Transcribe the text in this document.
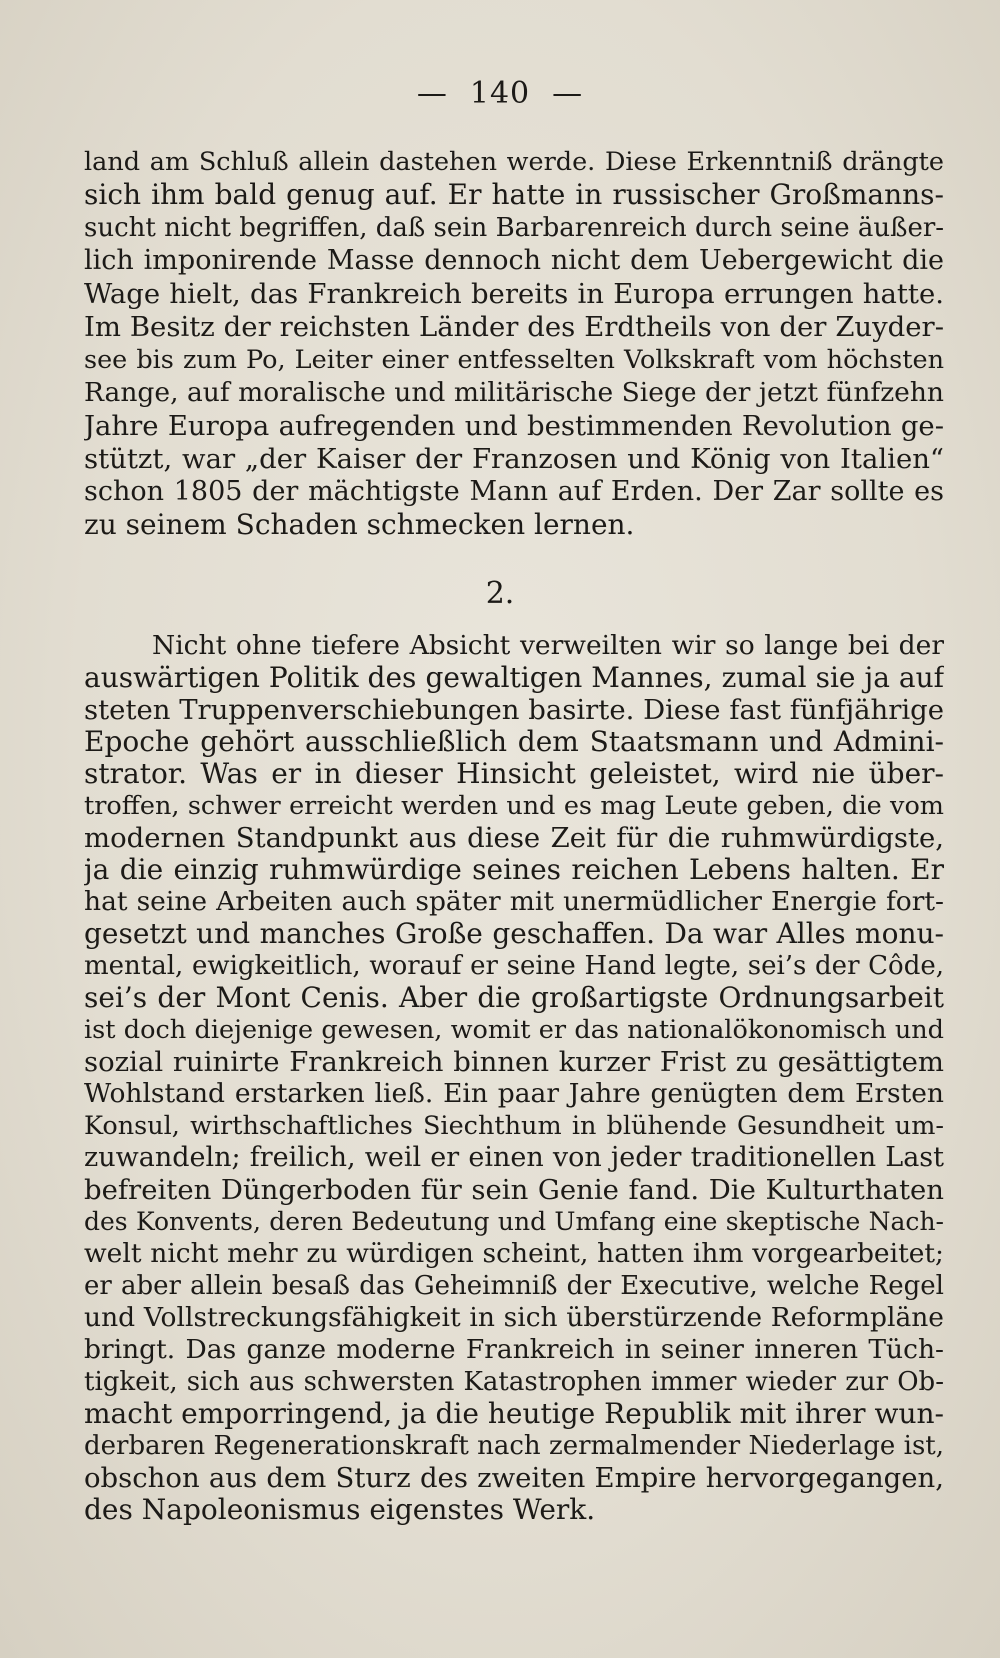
— 140 —
land am Schluß allein dastehen werde. Diese Erkenntniß drängte
sich ihm bald genug auf. Er hatte in russischer Großmanns-
sucht nicht begriffen, daß sein Barbarenreich durch seine äußer-
lich imponirende Masse dennoch nicht dem Uebergewicht die
Wage hielt, das Frankreich bereits in Europa errungen hatte.
Im Besitz der reichsten Länder des Erdtheils von der Zuyder-
see bis zum Po, Leiter einer entfesselten Volkskraft vom höchsten
Range, auf moralische und militärische Siege der jetzt fünfzehn
Jahre Europa aufregenden und bestimmenden Revolution ge-
stützt, war „der Kaiser der Franzosen und König von Italien“
schon 1805 der mächtigste Mann auf Erden. Der Zar sollte es
zu seinem Schaden schmecken lernen.
2.
Nicht ohne tiefere Absicht verweilten wir so lange bei der
auswärtigen Politik des gewaltigen Mannes, zumal sie ja auf
steten Truppenverschiebungen basirte. Diese fast fünfjährige
Epoche gehört ausschließlich dem Staatsmann und Admini-
strator. Was er in dieser Hinsicht geleistet, wird nie über-
troffen, schwer erreicht werden und es mag Leute geben, die vom
modernen Standpunkt aus diese Zeit für die ruhmwürdigste,
ja die einzig ruhmwürdige seines reichen Lebens halten. Er
hat seine Arbeiten auch später mit unermüdlicher Energie fort-
gesetzt und manches Große geschaffen. Da war Alles monu-
mental, ewigkeitlich, worauf er seine Hand legte, sei’s der Côde,
sei’s der Mont Cenis. Aber die großartigste Ordnungsarbeit
ist doch diejenige gewesen, womit er das nationalökonomisch und
sozial ruinirte Frankreich binnen kurzer Frist zu gesättigtem
Wohlstand erstarken ließ. Ein paar Jahre genügten dem Ersten
Konsul, wirthschaftliches Siechthum in blühende Gesundheit um-
zuwandeln; freilich, weil er einen von jeder traditionellen Last
befreiten Düngerboden für sein Genie fand. Die Kulturthaten
des Konvents, deren Bedeutung und Umfang eine skeptische Nach-
welt nicht mehr zu würdigen scheint, hatten ihm vorgearbeitet;
er aber allein besaß das Geheimniß der Executive, welche Regel
und Vollstreckungsfähigkeit in sich überstürzende Reformpläne
bringt. Das ganze moderne Frankreich in seiner inneren Tüch-
tigkeit, sich aus schwersten Katastrophen immer wieder zur Ob-
macht emporringend, ja die heutige Republik mit ihrer wun-
derbaren Regenerationskraft nach zermalmender Niederlage ist,
obschon aus dem Sturz des zweiten Empire hervorgegangen,
des Napoleonismus eigenstes Werk.
